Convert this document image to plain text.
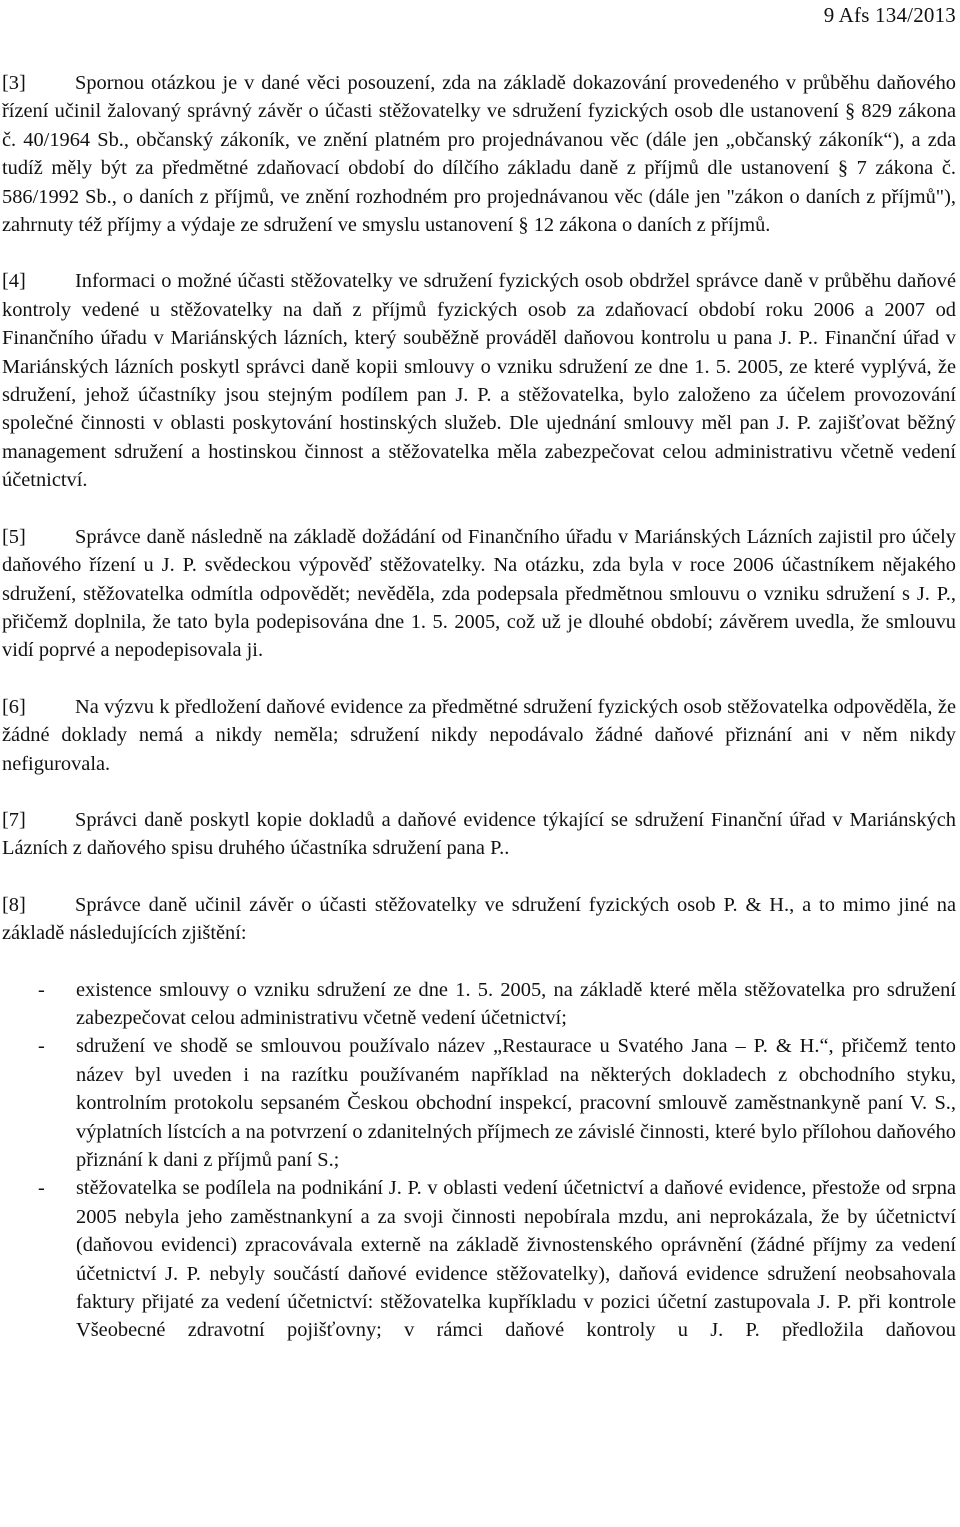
9 Afs 134/2013

[3] Spornou otázkou je v dané věci posouzení, zda na základě dokazování provedeného v průběhu daňového řízení učinil žalovaný správný závěr o účasti stěžovatelky ve sdružení fyzických osob dle ustanovení § 829 zákona č. 40/1964 Sb., občanský zákoník, ve znění platném pro projednávanou věc (dále jen „občanský zákoník“), a zda tudíž měly být za předmětné zdaňovací období do dílčího základu daně z příjmů dle ustanovení § 7 zákona č. 586/1992 Sb., o daních z příjmů, ve znění rozhodném pro projednávanou věc (dále jen "zákon o daních z příjmů"), zahrnuty též příjmy a výdaje ze sdružení ve smyslu ustanovení § 12 zákona o daních z příjmů.

[4] Informaci o možné účasti stěžovatelky ve sdružení fyzických osob obdržel správce daně v průběhu daňové kontroly vedené u stěžovatelky na daň z příjmů fyzických osob za zdaňovací období roku 2006 a 2007 od Finančního úřadu v Mariánských lázních, který souběžně prováděl daňovou kontrolu u pana J. P.. Finanční úřad v Mariánských lázních poskytl správci daně kopii smlouvy o vzniku sdružení ze dne 1. 5. 2005, ze které vyplývá, že sdružení, jehož účastníky jsou stejným podílem pan J. P. a stěžovatelka, bylo založeno za účelem provozování společné činnosti v oblasti poskytování hostinských služeb. Dle ujednání smlouvy měl pan J. P. zajišťovat běžný management sdružení a hostinskou činnost a stěžovatelka měla zabezpečovat celou administrativu včetně vedení účetnictví.

[5] Správce daně následně na základě dožádání od Finančního úřadu v Mariánských Lázních zajistil pro účely daňového řízení u J. P. svědeckou výpověď stěžovatelky. Na otázku, zda byla v roce 2006 účastníkem nějakého sdružení, stěžovatelka odmítla odpovědět; nevěděla, zda podepsala předmětnou smlouvu o vzniku sdružení s J. P., přičemž doplnila, že tato byla podepisována dne 1. 5. 2005, což už je dlouhé období; závěrem uvedla, že smlouvu vidí poprvé a nepodepisovala ji.

[6] Na výzvu k předložení daňové evidence za předmětné sdružení fyzických osob stěžovatelka odpověděla, že žádné doklady nemá a nikdy neměla; sdružení nikdy nepodávalo žádné daňové přiznání ani v něm nikdy nefigurovala.

[7] Správci daně poskytl kopie dokladů a daňové evidence týkající se sdružení Finanční úřad v Mariánských Lázních z daňového spisu druhého účastníka sdružení pana P..

[8] Správce daně učinil závěr o účasti stěžovatelky ve sdružení fyzických osob P. & H., a to mimo jiné na základě následujících zjištění:

- existence smlouvy o vzniku sdružení ze dne 1. 5. 2005, na základě které měla stěžovatelka pro sdružení zabezpečovat celou administrativu včetně vedení účetnictví;
- sdružení ve shodě se smlouvou používalo název „Restaurace u Svatého Jana – P. & H.“, přičemž tento název byl uveden i na razítku používaném například na některých dokladech z obchodního styku, kontrolním protokolu sepsaném Českou obchodní inspekcí, pracovní smlouvě zaměstnankyně paní V. S., výplatních lístcích a na potvrzení o zdanitelných příjmech ze závislé činnosti, které bylo přílohou daňového přiznání k dani z příjmů paní S.;
- stěžovatelka se podílela na podnikání J. P. v oblasti vedení účetnictví a daňové evidence, přestože od srpna 2005 nebyla jeho zaměstnankyní a za svoji činnosti nepobírala mzdu, ani neprokázala, že by účetnictví (daňovou evidenci) zpracovávala externě na základě živnostenského oprávnění (žádné příjmy za vedení účetnictví J. P. nebyly součástí daňové evidence stěžovatelky), daňová evidence sdružení neobsahovala faktury přijaté za vedení účetnictví: stěžovatelka kupříkladu v pozici účetní zastupovala J. P. při kontrole Všeobecné zdravotní pojišťovny; v rámci daňové kontroly u J. P. předložila daňovou
